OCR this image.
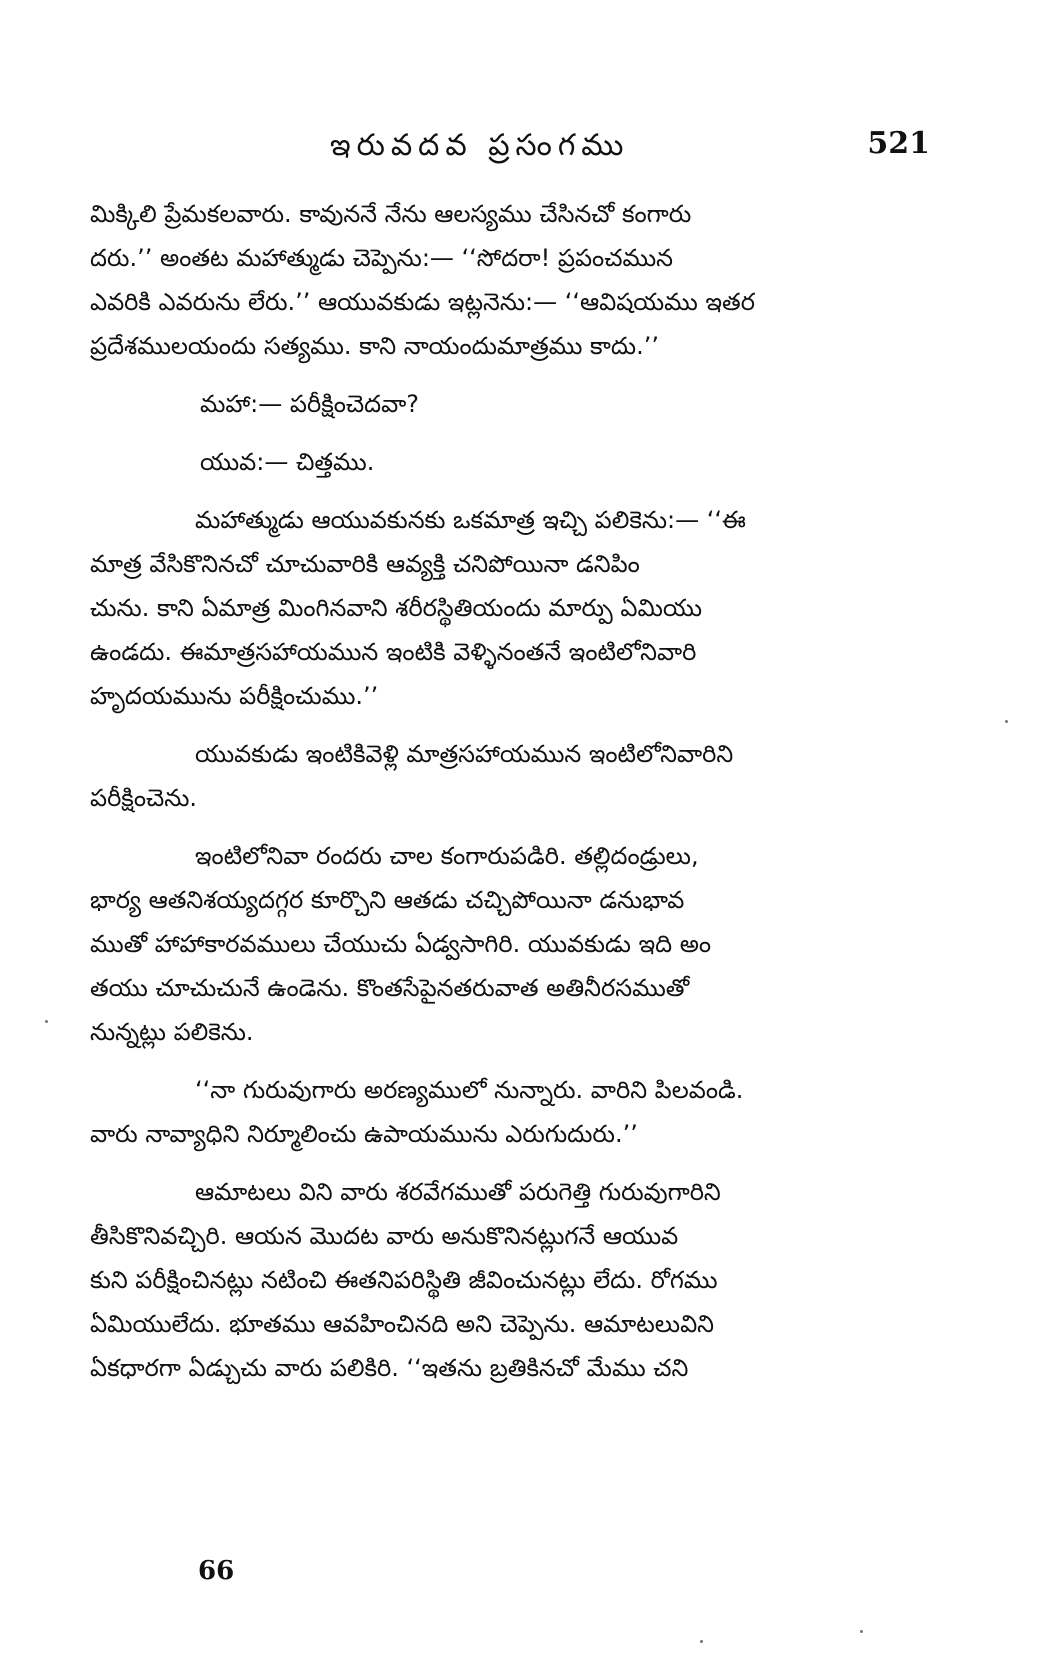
ఇరువదవ ప్రసంగము	521
మిక్కిలి ప్రేమకలవారు. కావుననే నేను ఆలస్యము చేసినచో కంగారు
దరు.’’ అంతట మహాత్ముడు చెప్పెను:— ‘‘సోదరా! ప్రపంచమున
ఎవరికి ఎవరును లేరు.’’ ఆయువకుడు ఇట్లనెను:— ‘‘ఆవిషయము ఇతర
ప్రదేశములయందు సత్యము. కాని నాయందుమాత్రము కాదు.’’
మహా:— పరీక్షించెదవా?
యువ:— చిత్తము.
మహాత్ముడు ఆయువకునకు ఒకమాత్ర ఇచ్చి పలికెను:— ‘‘ఈ
మాత్ర వేసికొనినచో చూచువారికి ఆవ్యక్తి చనిపోయినా డనిపిం
చును. కాని ఏమాత్ర మింగినవాని శరీరస్థితియందు మార్పు ఏమియు
ఉండదు. ఈమాత్రసహాయమున ఇంటికి వెళ్ళినంతనే ఇంటిలోనివారి
హృదయమును పరీక్షించుము.’’
యువకుడు ఇంటికివెళ్లి మాత్రసహాయమున ఇంటిలోనివారిని
పరీక్షించెను.
ఇంటిలోనివా రందరు చాల కంగారుపడిరి. తల్లిదండ్రులు,
భార్య ఆతనిశయ్యదగ్గర కూర్చొని ఆతడు చచ్చిపోయినా డనుభావ
ముతో హాహాకారవములు చేయుచు ఏడ్వసాగిరి. యువకుడు ఇది అం
తయు చూచుచునే ఉండెను. కొంతసేపైనతరువాత అతినీరసముతో
నున్నట్లు పలికెను.
‘‘నా గురువుగారు అరణ్యములో నున్నారు. వారిని పిలవండి.
వారు నావ్యాధిని నిర్మూలించు ఉపాయమును ఎరుగుదురు.’’
ఆమాటలు విని వారు శరవేగముతో పరుగెత్తి గురువుగారిని
తీసికొనివచ్చిరి. ఆయన మొదట వారు అనుకొనినట్లుగనే ఆయువ
కుని పరీక్షించినట్లు నటించి ఈతనిపరిస్థితి జీవించునట్లు లేదు. రోగము
ఏమియులేదు. భూతము ఆవహించినది అని చెప్పెను. ఆమాటలువిని
ఏకధారగా ఏడ్చుచు వారు పలికిరి. ‘‘ఇతను బ్రతికినచో మేము చని
66
